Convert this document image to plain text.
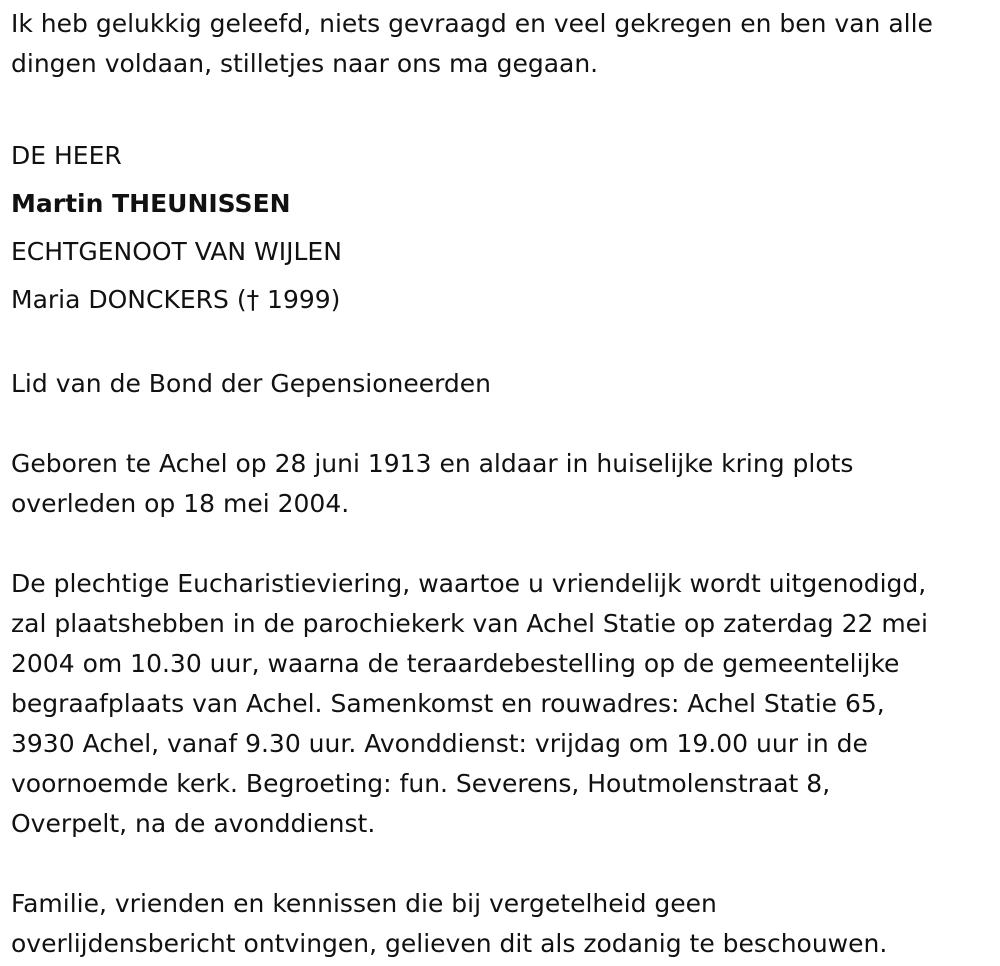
Ik heb gelukkig geleefd, niets gevraagd en veel gekregen en ben van alle

dingen voldaan, stilletjes naar ons ma gegaan.

DE HEER
Martin THEUNISSEN
ECHTGENOOT VAN WIJLEN
Maria DONCKERS († 1999)

Lid van de Bond der Gepensioneerden

Geboren te Achel op 28 juni 1913 en aldaar in huiselijke kring plots

overleden op 18 mei 2004.

De plechtige Eucharistieviering, waartoe u vriendelijk wordt uitgenodigd,

zal plaatshebben in de parochiekerk van Achel Statie op zaterdag 22 mei

2004 om 10.30 uur, waarna de teraardebestelling op de gemeentelijke

begraafplaats van Achel. Samenkomst en rouwadres: Achel Statie 65,

3930 Achel, vanaf 9.30 uur. Avonddienst: vrijdag om 19.00 uur in de

voornoemde kerk. Begroeting: fun. Severens, Houtmolenstraat 8,

Overpelt, na de avonddienst.

Familie, vrienden en kennissen die bij vergetelheid geen

overlijdensbericht ontvingen, gelieven dit als zodanig te beschouwen.
